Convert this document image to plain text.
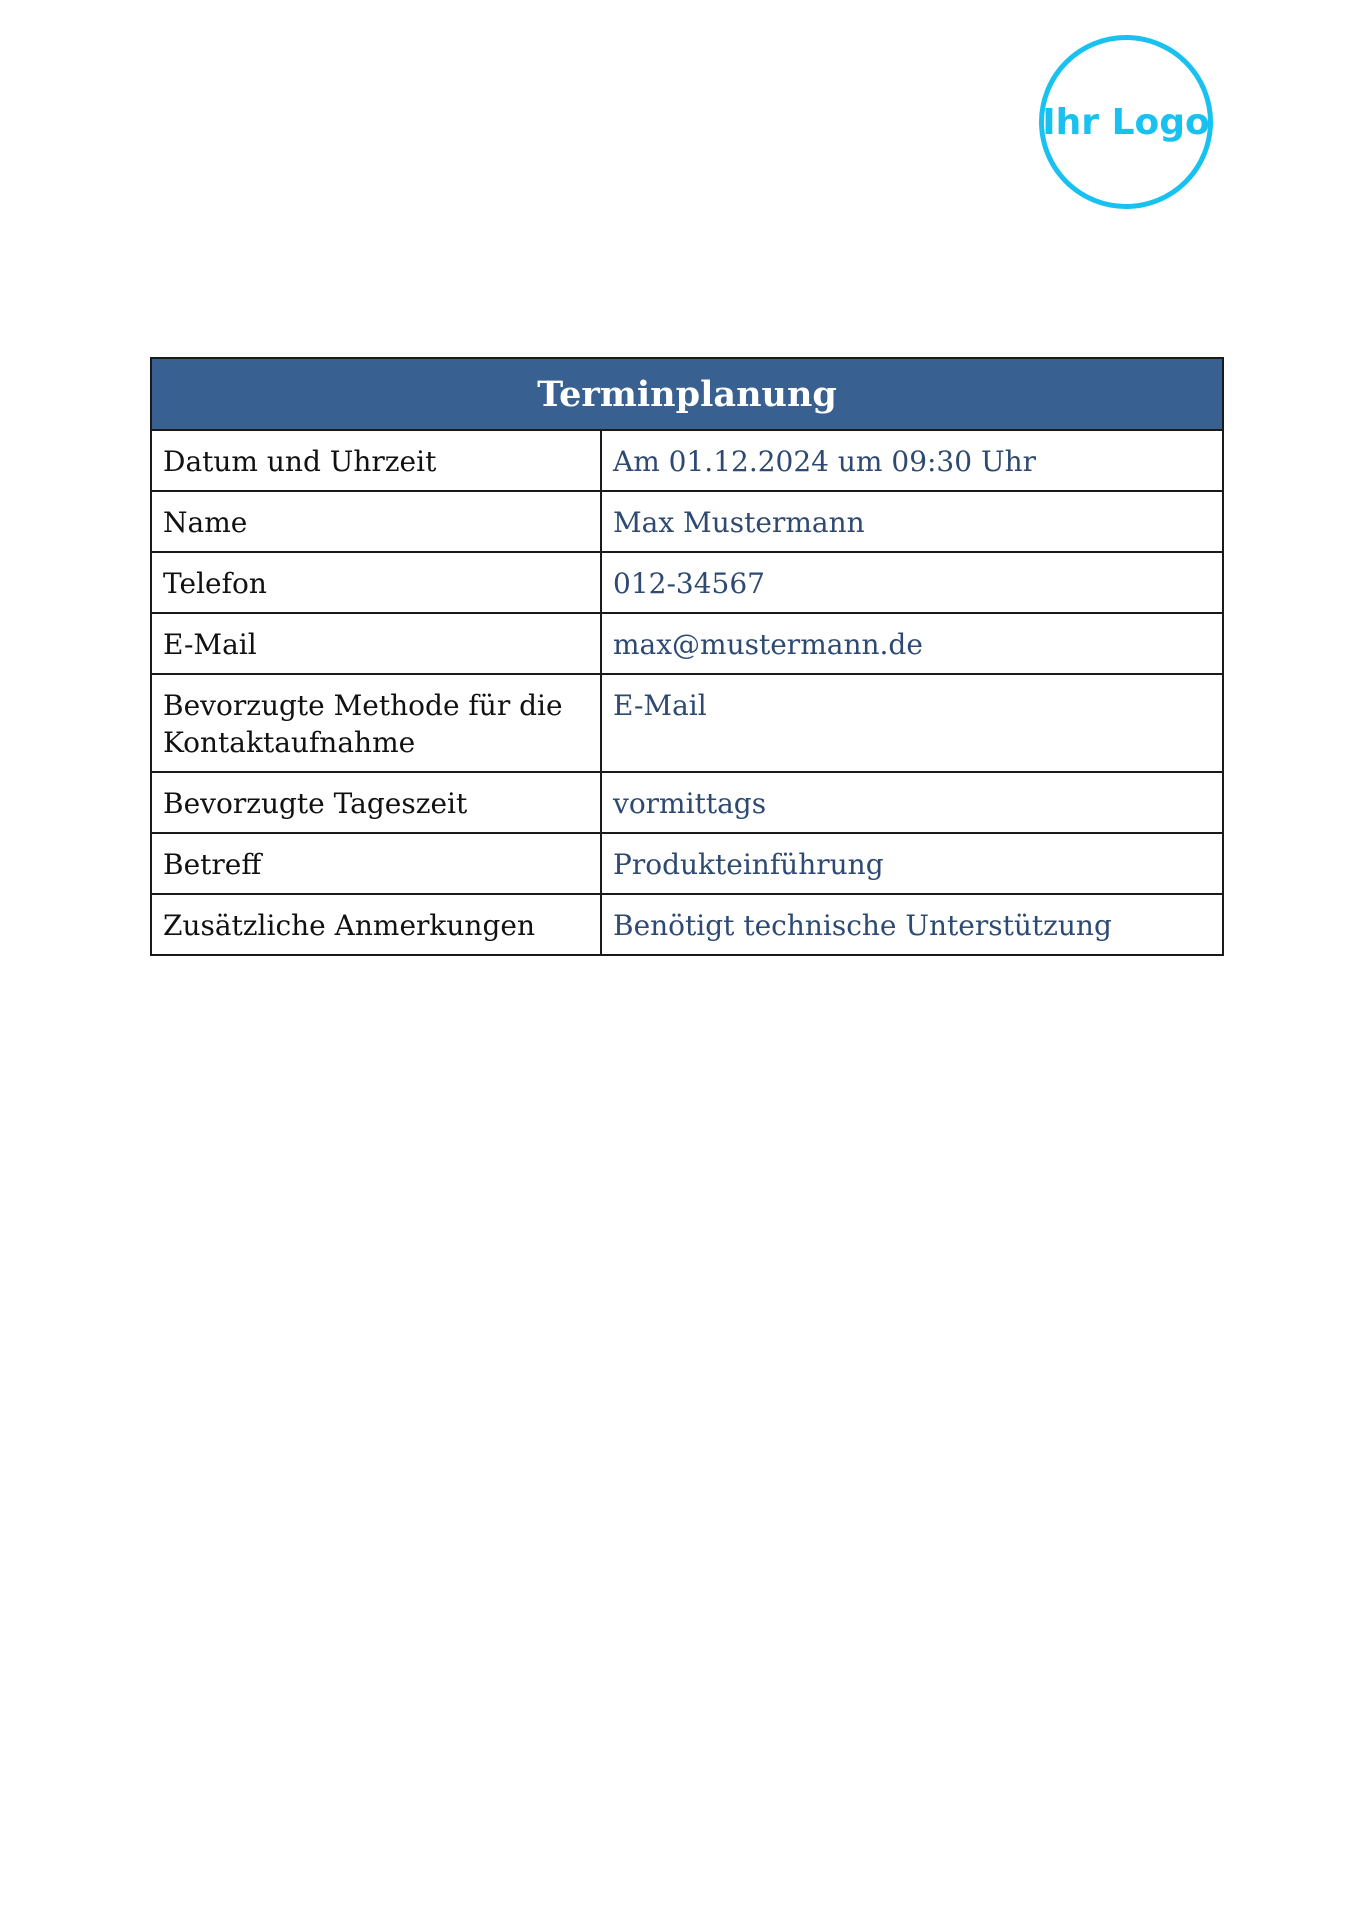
Ihr Logo
Terminplanung	
Datum und Uhrzeit	Am 01.12.2024 um 09:30 Uhr
Name	Max Mustermann
Telefon	012-34567
E-Mail	max@mustermann.de
Bevorzugte Methode für die Kontaktaufnahme	E-Mail
Bevorzugte Tageszeit	vormittags
Betreff	Produkteinführung
Zusätzliche Anmerkungen	Benötigt technische Unterstützung
